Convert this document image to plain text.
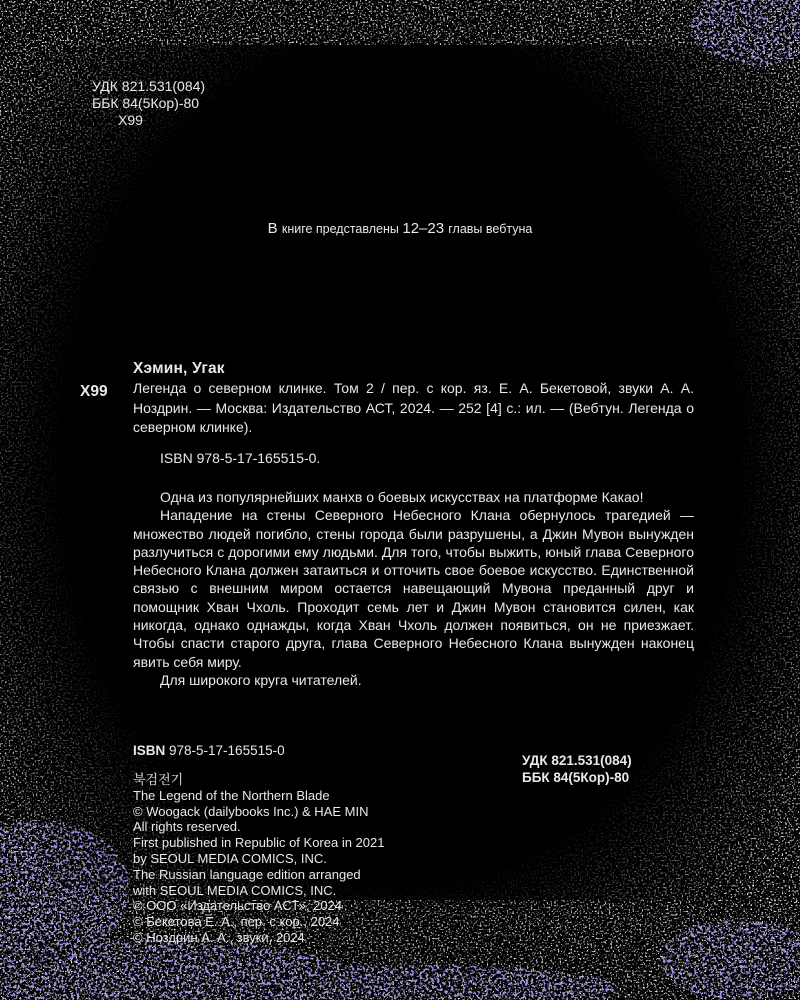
УДК 821.531(084)
ББК 84(5Кор)-80
Х99
В книге представлены 12–23 главы вебтуна
Хэмин, Угак
Х99 Легенда о северном клинке. Том 2 / пер. с кор. яз. Е. А. Бекетовой, звуки А. А. Ноздрин. — Москва: Издательство АСТ, 2024. — 252 [4] с.: ил. — (Вебтун. Легенда о северном клинке).
ISBN 978-5-17-165515-0.

Одна из популярнейших манхв о боевых искусствах на платформе Какао!

Нападение на стены Северного Небесного Клана обернулось трагедией — множество людей погибло, стены города были разрушены, а Джин Мувон вынужден разлучиться с дорогими ему людьми. Для того, чтобы выжить, юный глава Северного Небесного Клана должен затаиться и отточить свое боевое искусство. Единственной связью с внешним миром остается навещающий Мувона преданный друг и помощник Хван Чхоль. Проходит семь лет и Джин Мувон становится силен, как никогда, однако однажды, когда Хван Чхоль должен появиться, он не приезжает. Чтобы спасти старого друга, глава Северного Небесного Клана вынужден наконец явить себя миру.

Для широкого круга читателей.

ISBN 978-5-17-165515-0
УДК 821.531(084)
ББК 84(5Кор)-80
북검전기
The Legend of the Northern Blade
© Woogack (dailybooks Inc.) & HAE MIN
All rights reserved.
First published in Republic of Korea in 2021
by SEOUL MEDIA COMICS, INC.
The Russian language edition arranged
with SEOUL MEDIA COMICS, INC.
© ООО «Издательство АСТ», 2024
© Бекетова Е. А., пер. с кор., 2024
© Ноздрин А. А., звуки, 2024
